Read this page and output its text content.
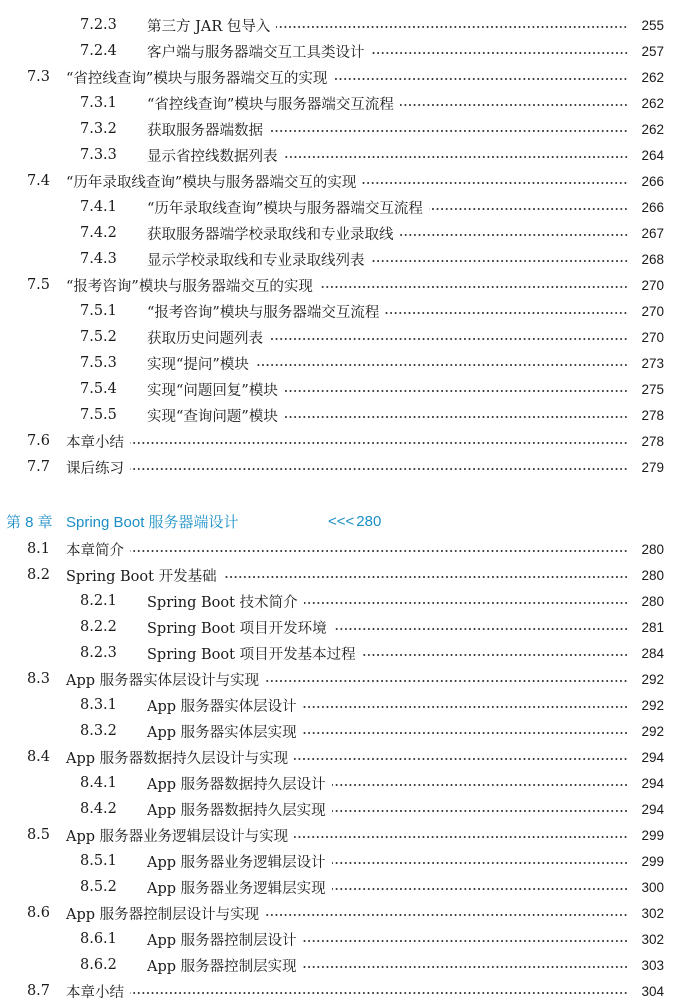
7.2.3	第三方 JAR 包导入	255
7.2.4	客户端与服务器端交互工具类设计	257
7.3	“省控线查询”模块与服务器端交互的实现	262
7.3.1	“省控线查询”模块与服务器端交互流程	262
7.3.2	获取服务器端数据	262
7.3.3	显示省控线数据列表	264
7.4	“历年录取线查询”模块与服务器端交互的实现	266
7.4.1	“历年录取线查询”模块与服务器端交互流程	266
7.4.2	获取服务器端学校录取线和专业录取线	267
7.4.3	显示学校录取线和专业录取线列表	268
7.5	“报考咨询”模块与服务器端交互的实现	270
7.5.1	“报考咨询”模块与服务器端交互流程	270
7.5.2	获取历史问题列表	270
7.5.3	实现“提问”模块	273
7.5.4	实现“问题回复”模块	275
7.5.5	实现“查询问题”模块	278
7.6	本章小结	278
7.7	课后练习	279
第 8 章 Spring Boot 服务器端设计	<<< 280
8.1	本章简介	280
8.2	Spring Boot 开发基础	280
8.2.1	Spring Boot 技术简介	280
8.2.2	Spring Boot 项目开发环境	281
8.2.3	Spring Boot 项目开发基本过程	284
8.3	App 服务器实体层设计与实现	292
8.3.1	App 服务器实体层设计	292
8.3.2	App 服务器实体层实现	292
8.4	App 服务器数据持久层设计与实现	294
8.4.1	App 服务器数据持久层设计	294
8.4.2	App 服务器数据持久层实现	294
8.5	App 服务器业务逻辑层设计与实现	299
8.5.1	App 服务器业务逻辑层设计	299
8.5.2	App 服务器业务逻辑层实现	300
8.6	App 服务器控制层设计与实现	302
8.6.1	App 服务器控制层设计	302
8.6.2	App 服务器控制层实现	303
8.7	本章小结	304
